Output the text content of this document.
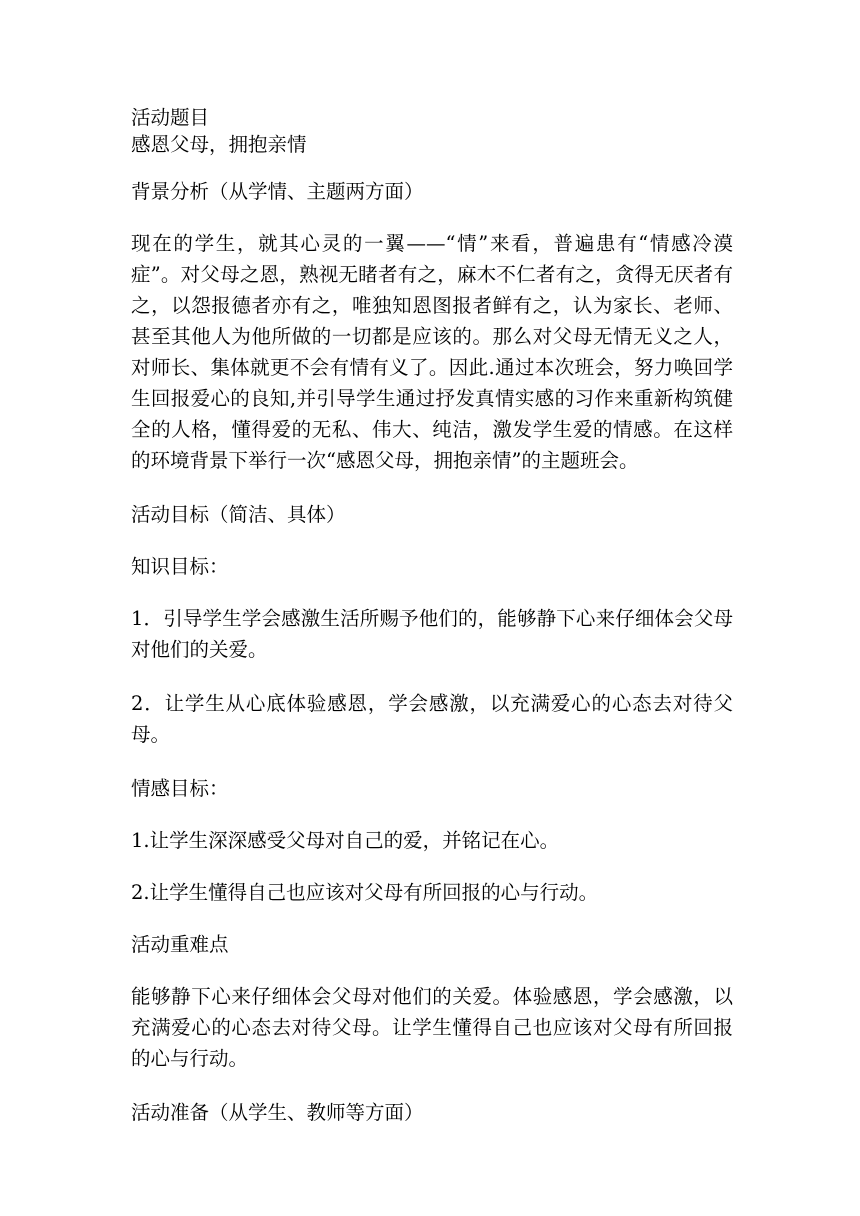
活动题目

感恩父母，拥抱亲情

背景分析（从学情、主题两方面）

现在的学生，就其心灵的一翼——“情”来看，普遍患有“情感冷漠症”。对父母之恩，熟视无睹者有之，麻木不仁者有之，贪得无厌者有之，以怨报德者亦有之，唯独知恩图报者鲜有之，认为家长、老师、甚至其他人为他所做的一切都是应该的。那么对父母无情无义之人，对师长、集体就更不会有情有义了。因此.通过本次班会，努力唤回学生回报爱心的良知,并引导学生通过抒发真情实感的习作来重新构筑健全的人格，懂得爱的无私、伟大、纯洁，激发学生爱的情感。在这样的环境背景下举行一次“感恩父母，拥抱亲情”的主题班会。

活动目标（简洁、具体）

知识目标：

1．引导学生学会感激生活所赐予他们的，能够静下心来仔细体会父母对他们的关爱。

2．让学生从心底体验感恩，学会感激，以充满爱心的心态去对待父母。

情感目标：

1.让学生深深感受父母对自己的爱，并铭记在心。

2.让学生懂得自己也应该对父母有所回报的心与行动。

活动重难点

能够静下心来仔细体会父母对他们的关爱。体验感恩，学会感激，以充满爱心的心态去对待父母。让学生懂得自己也应该对父母有所回报的心与行动。

活动准备（从学生、教师等方面）
